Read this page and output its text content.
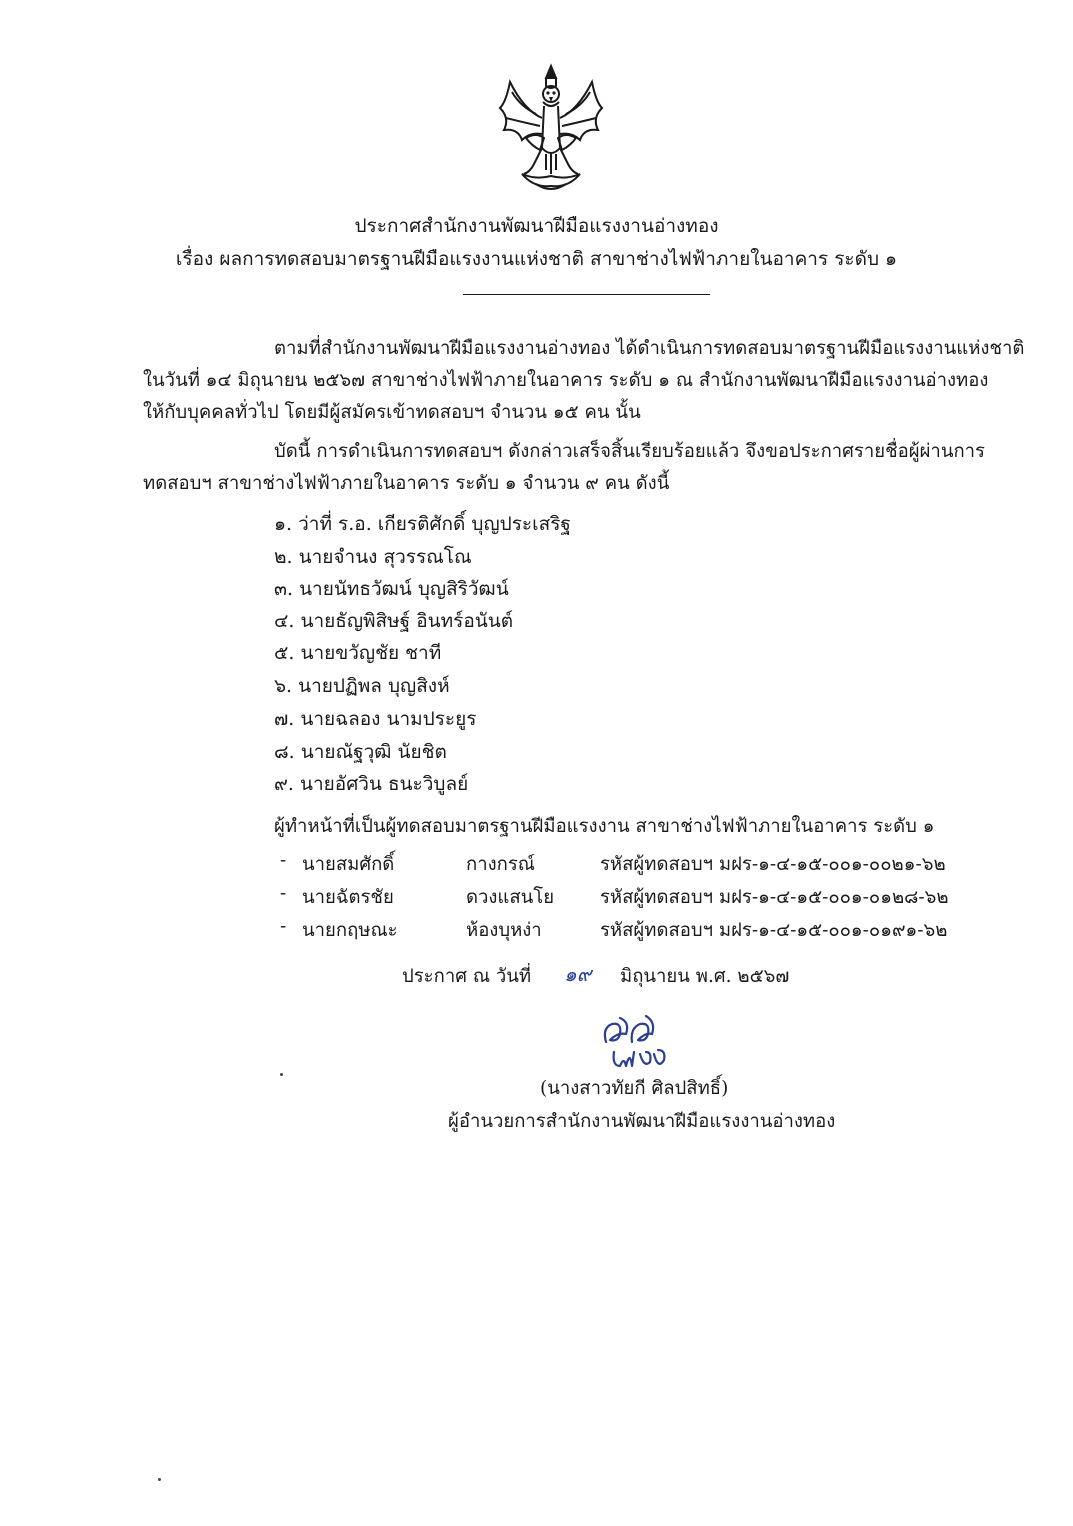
ประกาศสำนักงานพัฒนาฝีมือแรงงานอ่างทอง
เรื่อง ผลการทดสอบมาตรฐานฝีมือแรงงานแห่งชาติ สาขาช่างไฟฟ้าภายในอาคาร ระดับ ๑
ตามที่สำนักงานพัฒนาฝีมือแรงงานอ่างทอง ได้ดำเนินการทดสอบมาตรฐานฝีมือแรงงานแห่งชาติ
ในวันที่ ๑๔ มิถุนายน ๒๕๖๗ สาขาช่างไฟฟ้าภายในอาคาร ระดับ ๑ ณ สำนักงานพัฒนาฝีมือแรงงานอ่างทอง
ให้กับบุคคลทั่วไป โดยมีผู้สมัครเข้าทดสอบฯ จำนวน ๑๕ คน นั้น
บัดนี้ การดำเนินการทดสอบฯ ดังกล่าวเสร็จสิ้นเรียบร้อยแล้ว จึงขอประกาศรายชื่อผู้ผ่านการ
ทดสอบฯ สาขาช่างไฟฟ้าภายในอาคาร ระดับ ๑ จำนวน ๙ คน ดังนี้
๑. ว่าที่ ร.อ. เกียรติศักดิ์ บุญประเสริฐ
๒. นายจำนง สุวรรณโณ
๓. นายนัทธวัฒน์ บุญสิริวัฒน์
๔. นายธัญพิสิษฐ์ อินทร์อนันต์
๕. นายขวัญชัย ชาที
๖. นายปฏิพล บุญสิงห์
๗. นายฉลอง นามประยูร
๘. นายณัฐวุฒิ นัยชิต
๙. นายอัศวิน ธนะวิบูลย์
ผู้ทำหน้าที่เป็นผู้ทดสอบมาตรฐานฝีมือแรงงาน สาขาช่างไฟฟ้าภายในอาคาร ระดับ ๑
- นายสมศักดิ์	กางกรณ์	รหัสผู้ทดสอบฯ มฝร-๑-๔-๑๕-๐๐๑-๐๐๒๑-๖๒
- นายฉัตรชัย	ดวงแสนโย รหัสผู้ทดสอบฯ มฝร-๑-๔-๑๕-๐๐๑-๐๑๒๘-๖๒
- นายกฤษณะ	ห้องบุหง่า	รหัสผู้ทดสอบฯ มฝร-๑-๔-๑๕-๐๐๑-๐๑๙๑-๖๒
ประกาศ ณ วันที่ ๑๙ มิถุนายน พ.ศ. ๒๕๖๗
(นางสาวทัยกี ศิลปสิทธิ์)
ผู้อำนวยการสำนักงานพัฒนาฝีมือแรงงานอ่างทอง
